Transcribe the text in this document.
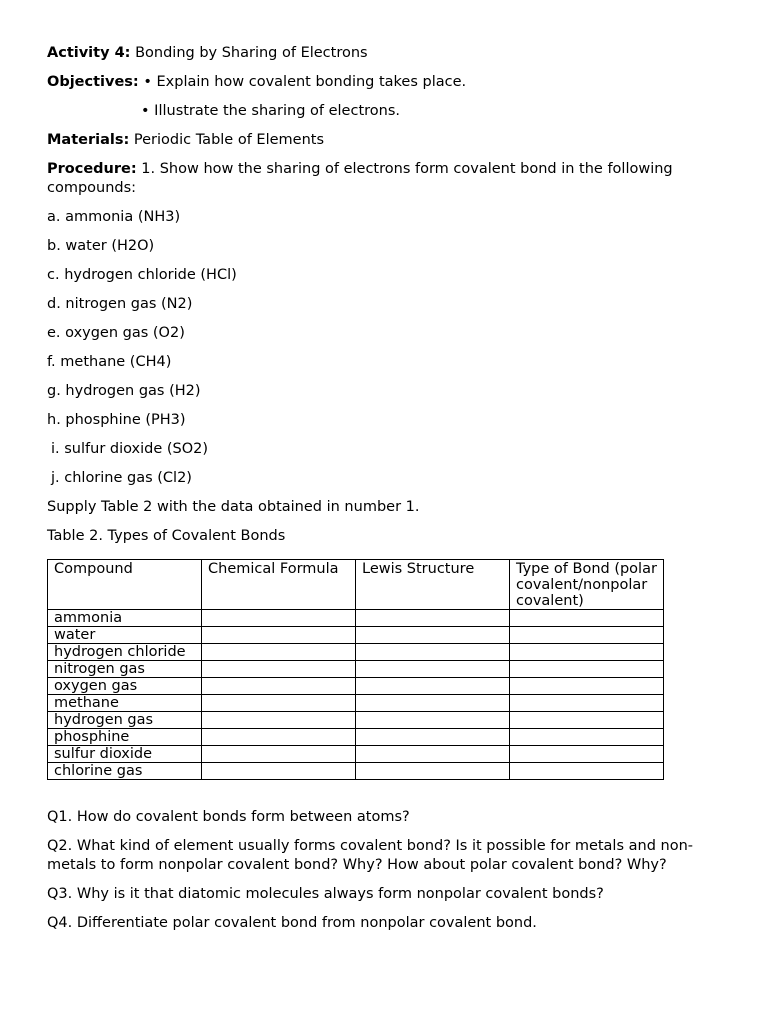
Activity 4: Bonding by Sharing of Electrons
Objectives: • Explain how covalent bonding takes place.
• Illustrate the sharing of electrons.
Materials: Periodic Table of Elements
Procedure: 1. Show how the sharing of electrons form covalent bond in the following compounds:
a. ammonia (NH3)
b. water (H2O)
c. hydrogen chloride (HCl)
d. nitrogen gas (N2)
e. oxygen gas (O2)
f. methane (CH4)
g. hydrogen gas (H2)
h. phosphine (PH3)
i. sulfur dioxide (SO2)
j. chlorine gas (Cl2)
Supply Table 2 with the data obtained in number 1.
Table 2. Types of Covalent Bonds
Compound	Chemical Formula	Lewis Structure	Type of Bond (polar covalent/nonpolar covalent)
ammonia			
water			
hydrogen chloride			
nitrogen gas			
oxygen gas			
methane			
hydrogen gas			
phosphine			
sulfur dioxide			
chlorine gas			
Q1. How do covalent bonds form between atoms?
Q2. What kind of element usually forms covalent bond? Is it possible for metals and non-metals to form nonpolar covalent bond? Why? How about polar covalent bond? Why?
Q3. Why is it that diatomic molecules always form nonpolar covalent bonds?
Q4. Differentiate polar covalent bond from nonpolar covalent bond.
